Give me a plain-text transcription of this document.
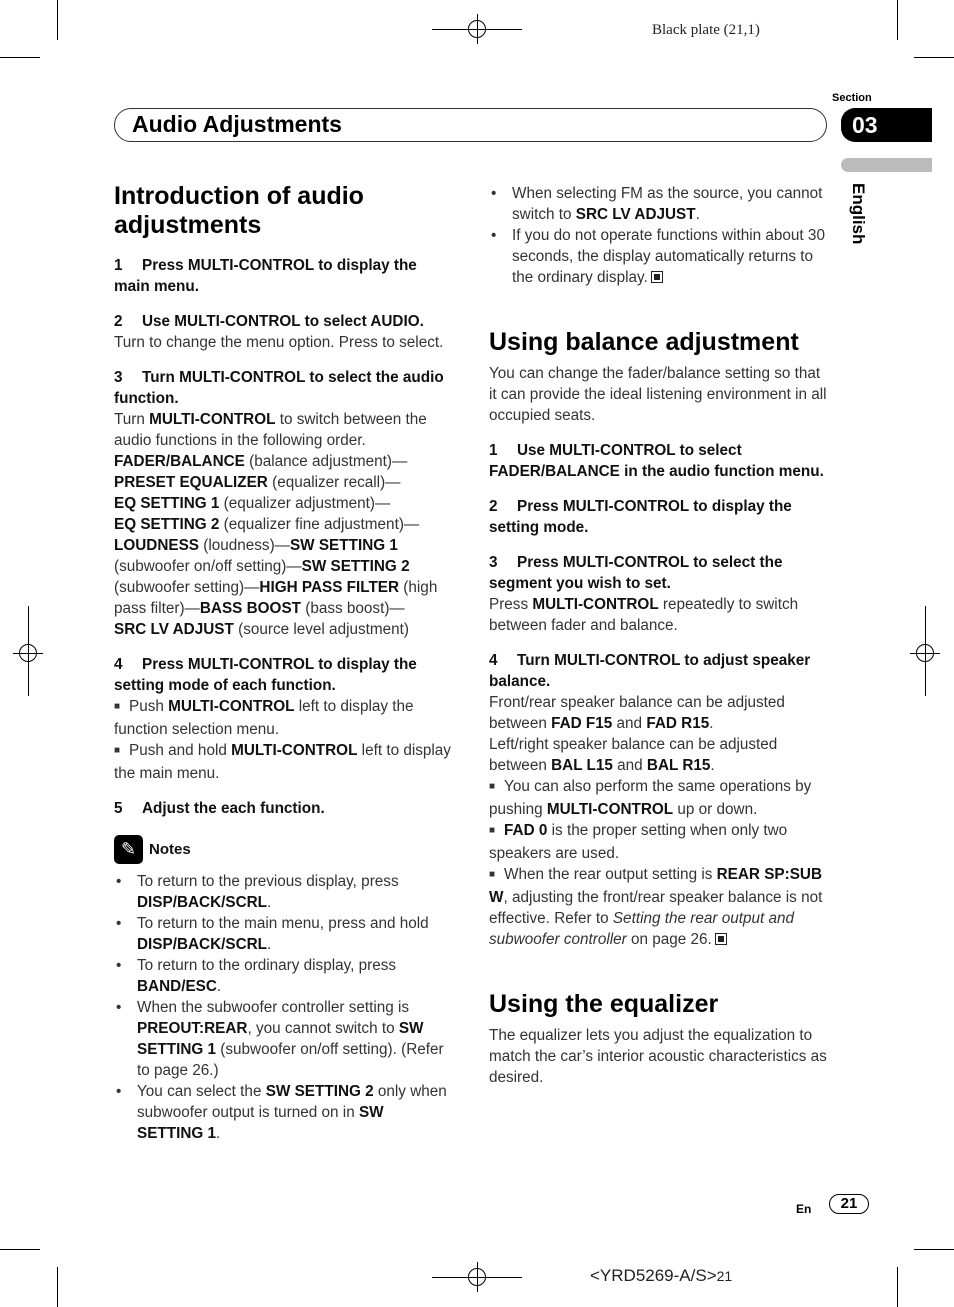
Black plate (21,1)
Audio Adjustments
Section
03
English
Introduction of audio adjustments

1 Press MULTI-CONTROL to display the main menu.

2 Use MULTI-CONTROL to select AUDIO.

Turn to change the menu option. Press to select.

3 Turn MULTI-CONTROL to select the audio function.

Turn MULTI-CONTROL to switch between the audio functions in the following order.
FADER/BALANCE (balance adjustment)—
PRESET EQUALIZER (equalizer recall)—
EQ SETTING 1 (equalizer adjustment)—
EQ SETTING 2 (equalizer fine adjustment)—
LOUDNESS (loudness)—SW SETTING 1 (subwoofer on/off setting)—SW SETTING 2 (subwoofer setting)—HIGH PASS FILTER (high pass filter)—BASS BOOST (bass boost)—
SRC LV ADJUST (source level adjustment)

4 Press MULTI-CONTROL to display the setting mode of each function.

■ Push MULTI-CONTROL left to display the function selection menu.

■ Push and hold MULTI-CONTROL left to display the main menu.

5 Adjust the each function.

✎ Notes
• To return to the previous display, press DISP/BACK/SCRL.
• To return to the main menu, press and hold DISP/BACK/SCRL.
• To return to the ordinary display, press BAND/ESC.
• When the subwoofer controller setting is PREOUT:REAR, you cannot switch to SW SETTING 1 (subwoofer on/off setting). (Refer to page 26.)
• You can select the SW SETTING 2 only when subwoofer output is turned on in SW SETTING 1.
• When selecting FM as the source, you cannot switch to SRC LV ADJUST.
• If you do not operate functions within about 30 seconds, the display automatically returns to the ordinary display.
Using balance adjustment

You can change the fader/balance setting so that it can provide the ideal listening environment in all occupied seats.

1 Use MULTI-CONTROL to select FADER/BALANCE in the audio function menu.

2 Press MULTI-CONTROL to display the setting mode.

3 Press MULTI-CONTROL to select the segment you wish to set.

Press MULTI-CONTROL repeatedly to switch between fader and balance.

4 Turn MULTI-CONTROL to adjust speaker balance.

Front/rear speaker balance can be adjusted between FAD F15 and FAD R15.
Left/right speaker balance can be adjusted between BAL L15 and BAL R15.

■ You can also perform the same operations by pushing MULTI-CONTROL up or down.

■ FAD 0 is the proper setting when only two speakers are used.

■ When the rear output setting is REAR SP:SUB W, adjusting the front/rear speaker balance is not effective. Refer to Setting the rear output and subwoofer controller on page 26.

Using the equalizer

The equalizer lets you adjust the equalization to match the car’s interior acoustic characteristics as desired.

En	21
<YRD5269-A/S>21
